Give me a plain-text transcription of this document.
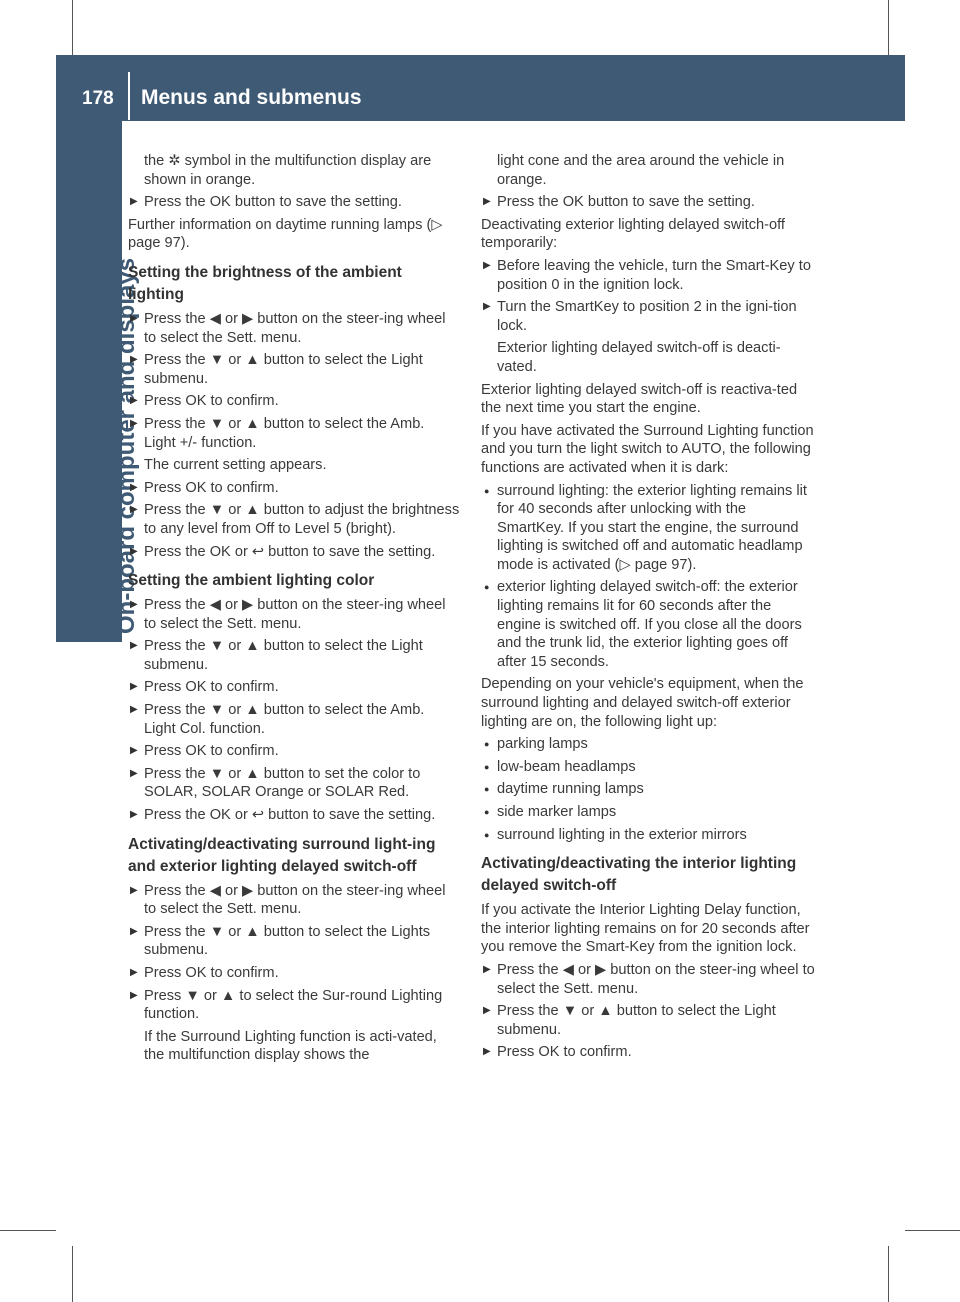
178 Menus and submenus
On-board computer and displays

the ✲ symbol in the multifunction display are shown in orange.

▶ Press the OK button to save the setting.

Further information on daytime running lamps (▷ page 97).

Setting the brightness of the ambient lighting
▶ Press the ◀ or ▶ button on the steer-ing wheel to select the Sett. menu.
▶ Press the ▼ or ▲ button to select the Light submenu.
▶ Press OK to confirm.
▶ Press the ▼ or ▲ button to select the Amb. Light +/- function.

The current setting appears.

▶ Press OK to confirm.
▶ Press the ▼ or ▲ button to adjust the brightness to any level from Off to Level 5 (bright).
▶ Press the OK or ↩ button to save the setting.
Setting the ambient lighting color
▶ Press the ◀ or ▶ button on the steer-ing wheel to select the Sett. menu.
▶ Press the ▼ or ▲ button to select the Light submenu.
▶ Press OK to confirm.
▶ Press the ▼ or ▲ button to select the Amb. Light Col. function.
▶ Press OK to confirm.
▶ Press the ▼ or ▲ button to set the color to SOLAR, SOLAR Orange or SOLAR Red.
▶ Press the OK or ↩ button to save the setting.
Activating/deactivating surround light-ing and exterior lighting delayed switch-off
▶ Press the ◀ or ▶ button on the steer-ing wheel to select the Sett. menu.
▶ Press the ▼ or ▲ button to select the Lights submenu.
▶ Press OK to confirm.
▶ Press ▼ or ▲ to select the Sur-round Lighting function.

If the Surround Lighting function is acti-vated, the multifunction display shows the

light cone and the area around the vehicle in orange.

▶ Press the OK button to save the setting.

Deactivating exterior lighting delayed switch-off temporarily:

▶ Before leaving the vehicle, turn the Smart-Key to position 0 in the ignition lock.
▶ Turn the SmartKey to position 2 in the igni-tion lock.

Exterior lighting delayed switch-off is deacti-vated.

Exterior lighting delayed switch-off is reactiva-ted the next time you start the engine.

If you have activated the Surround Lighting function and you turn the light switch to AUTO, the following functions are activated when it is dark:

● surround lighting: the exterior lighting remains lit for 40 seconds after unlocking with the SmartKey. If you start the engine, the surround lighting is switched off and automatic headlamp mode is activated (▷ page 97).
● exterior lighting delayed switch-off: the exterior lighting remains lit for 60 seconds after the engine is switched off. If you close all the doors and the trunk lid, the exterior lighting goes off after 15 seconds.

Depending on your vehicle's equipment, when the surround lighting and delayed switch-off exterior lighting are on, the following light up:

● parking lamps
● low-beam headlamps
● daytime running lamps
● side marker lamps
● surround lighting in the exterior mirrors
Activating/deactivating the interior lighting delayed switch-off

If you activate the Interior Lighting Delay function, the interior lighting remains on for 20 seconds after you remove the Smart-Key from the ignition lock.

▶ Press the ◀ or ▶ button on the steer-ing wheel to select the Sett. menu.
▶ Press the ▼ or ▲ button to select the Light submenu.
▶ Press OK to confirm.
